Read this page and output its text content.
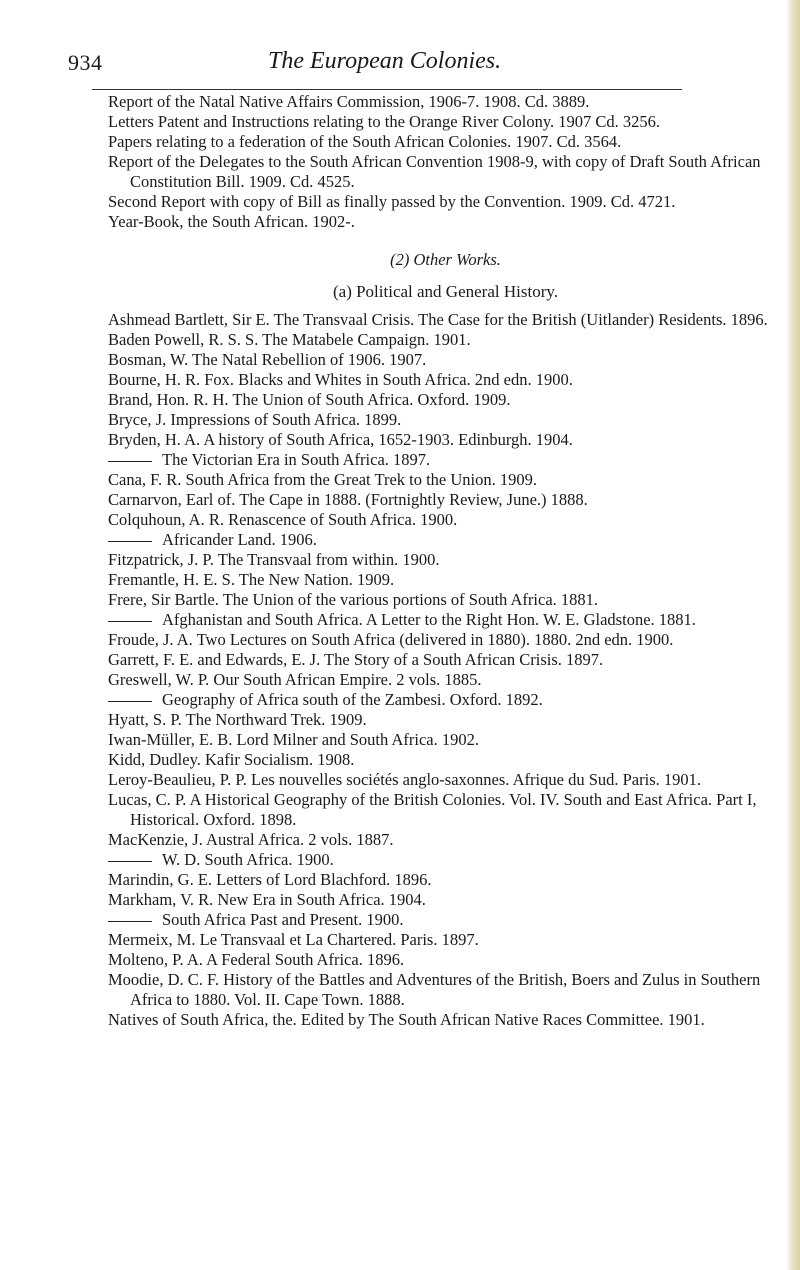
934	The European Colonies.

Report of the Natal Native Affairs Commission, 1906-7. 1908. Cd. 3889.

Letters Patent and Instructions relating to the Orange River Colony. 1907 Cd. 3256.

Papers relating to a federation of the South African Colonies. 1907. Cd. 3564.

Report of the Delegates to the South African Convention 1908-9, with copy of Draft South African Constitution Bill. 1909. Cd. 4525.

Second Report with copy of Bill as finally passed by the Convention. 1909. Cd. 4721.

Year-Book, the South African. 1902-.

(2) Other Works.
(a) Political and General History.

Ashmead Bartlett, Sir E. The Transvaal Crisis. The Case for the British (Uitlander) Residents. 1896.

Baden Powell, R. S. S. The Matabele Campaign. 1901.

Bosman, W. The Natal Rebellion of 1906. 1907.

Bourne, H. R. Fox. Blacks and Whites in South Africa. 2nd edn. 1900.

Brand, Hon. R. H. The Union of South Africa. Oxford. 1909.

Bryce, J. Impressions of South Africa. 1899.

Bryden, H. A. A history of South Africa, 1652-1903. Edinburgh. 1904.

The Victorian Era in South Africa. 1897.

Cana, F. R. South Africa from the Great Trek to the Union. 1909.

Carnarvon, Earl of. The Cape in 1888. (Fortnightly Review, June.) 1888.

Colquhoun, A. R. Renascence of South Africa. 1900.

Africander Land. 1906.

Fitzpatrick, J. P. The Transvaal from within. 1900.

Fremantle, H. E. S. The New Nation. 1909.

Frere, Sir Bartle. The Union of the various portions of South Africa. 1881.

Afghanistan and South Africa. A Letter to the Right Hon. W. E. Gladstone. 1881.

Froude, J. A. Two Lectures on South Africa (delivered in 1880). 1880. 2nd edn. 1900.

Garrett, F. E. and Edwards, E. J. The Story of a South African Crisis. 1897.

Greswell, W. P. Our South African Empire. 2 vols. 1885.

Geography of Africa south of the Zambesi. Oxford. 1892.

Hyatt, S. P. The Northward Trek. 1909.

Iwan-Müller, E. B. Lord Milner and South Africa. 1902.

Kidd, Dudley. Kafir Socialism. 1908.

Leroy-Beaulieu, P. P. Les nouvelles sociétés anglo-saxonnes. Afrique du Sud. Paris. 1901.

Lucas, C. P. A Historical Geography of the British Colonies. Vol. IV. South and East Africa. Part I, Historical. Oxford. 1898.

MacKenzie, J. Austral Africa. 2 vols. 1887.

W. D. South Africa. 1900.

Marindin, G. E. Letters of Lord Blachford. 1896.

Markham, V. R. New Era in South Africa. 1904.

South Africa Past and Present. 1900.

Mermeix, M. Le Transvaal et La Chartered. Paris. 1897.

Molteno, P. A. A Federal South Africa. 1896.

Moodie, D. C. F. History of the Battles and Adventures of the British, Boers and Zulus in Southern Africa to 1880. Vol. II. Cape Town. 1888.

Natives of South Africa, the. Edited by The South African Native Races Committee. 1901.
